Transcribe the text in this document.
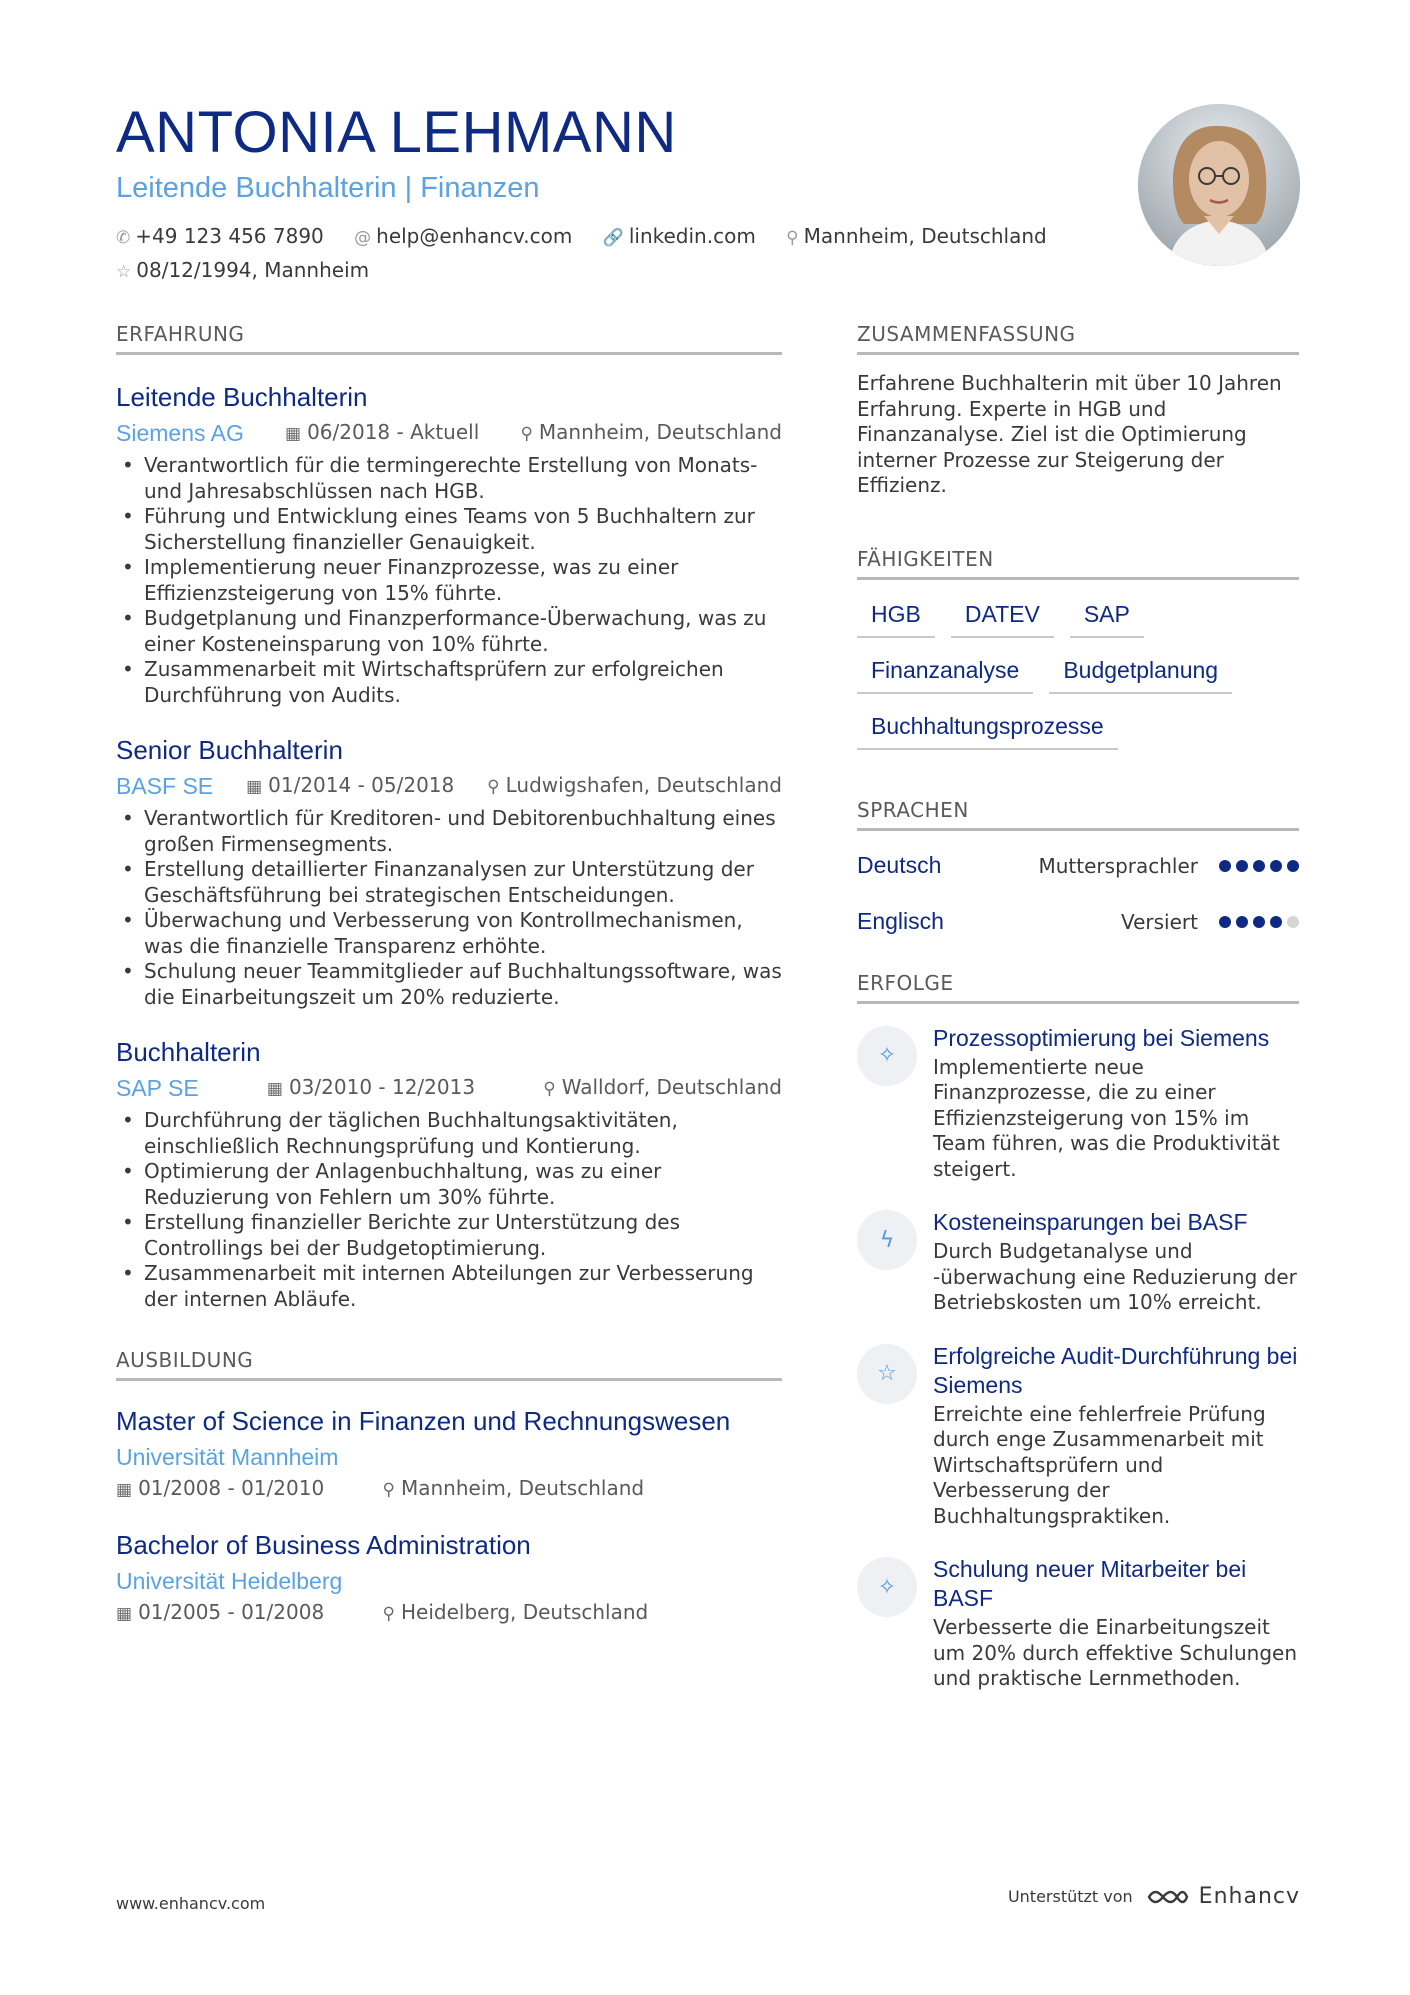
ANTONIA LEHMANN
Leitende Buchhalterin | Finanzen
✆ +49 123 456 7890 @ help@enhancv.com 🔗 linkedin.com ⚲ Mannheim, Deutschland
☆ 08/12/1994, Mannheim
ERFAHRUNG
Leitende Buchhalterin
Siemens AG ▦ 06/2018 - Aktuell ⚲ Mannheim, Deutschland
• Verantwortlich für die termingerechte Erstellung von Monats- und Jahresabschlüssen nach HGB.
• Führung und Entwicklung eines Teams von 5 Buchhaltern zur Sicherstellung finanzieller Genauigkeit.
• Implementierung neuer Finanzprozesse, was zu einer Effizienzsteigerung von 15% führte.
• Budgetplanung und Finanzperformance-Überwachung, was zu einer Kosteneinsparung von 10% führte.
• Zusammenarbeit mit Wirtschaftsprüfern zur erfolgreichen Durchführung von Audits.
Senior Buchhalterin
BASF SE ▦ 01/2014 - 05/2018 ⚲ Ludwigshafen, Deutschland
• Verantwortlich für Kreditoren- und Debitorenbuchhaltung eines großen Firmensegments.
• Erstellung detaillierter Finanzanalysen zur Unterstützung der Geschäftsführung bei strategischen Entscheidungen.
• Überwachung und Verbesserung von Kontrollmechanismen, was die finanzielle Transparenz erhöhte.
• Schulung neuer Teammitglieder auf Buchhaltungssoftware, was die Einarbeitungszeit um 20% reduzierte.
Buchhalterin
SAP SE	▦ 03/2010 - 12/2013	⚲ Walldorf, Deutschland
• Durchführung der täglichen Buchhaltungsaktivitäten, einschließlich Rechnungsprüfung und Kontierung.
• Optimierung der Anlagenbuchhaltung, was zu einer Reduzierung von Fehlern um 30% führte.
• Erstellung finanzieller Berichte zur Unterstützung des Controllings bei der Budgetoptimierung.
• Zusammenarbeit mit internen Abteilungen zur Verbesserung der internen Abläufe.
AUSBILDUNG
Master of Science in Finanzen und Rechnungswesen
Universität Mannheim
▦ 01/2008 - 01/2010	⚲ Mannheim, Deutschland
Bachelor of Business Administration
Universität Heidelberg
▦ 01/2005 - 01/2008	⚲ Heidelberg, Deutschland
ZUSAMMENFASSUNG
Erfahrene Buchhalterin mit über 10 Jahren Erfahrung. Experte in HGB und Finanzanalyse. Ziel ist die Optimierung interner Prozesse zur Steigerung der Effizienz.
FÄHIGKEITEN
HGB	DATEV	SAP
Finanzanalyse	Budgetplanung
Buchhaltungsprozesse
SPRACHEN
Deutsch	Muttersprachler
Englisch	Versiert
ERFOLGE
✧
Prozessoptimierung bei Siemens
Implementierte neue Finanzprozesse, die zu einer Effizienzsteigerung von 15% im Team führen, was die Produktivität steigert.
ϟ
Kosteneinsparungen bei BASF
Durch Budgetanalyse und -überwachung eine Reduzierung der Betriebskosten um 10% erreicht.
☆
Erfolgreiche Audit-Durchführung bei Siemens
Erreichte eine fehlerfreie Prüfung durch enge Zusammenarbeit mit Wirtschaftsprüfern und Verbesserung der Buchhaltungspraktiken.
✧
Schulung neuer Mitarbeiter bei BASF
Verbesserte die Einarbeitungszeit um 20% durch effektive Schulungen und praktische Lernmethoden.
www.enhancv.com	Unterstützt von	Enhancv
